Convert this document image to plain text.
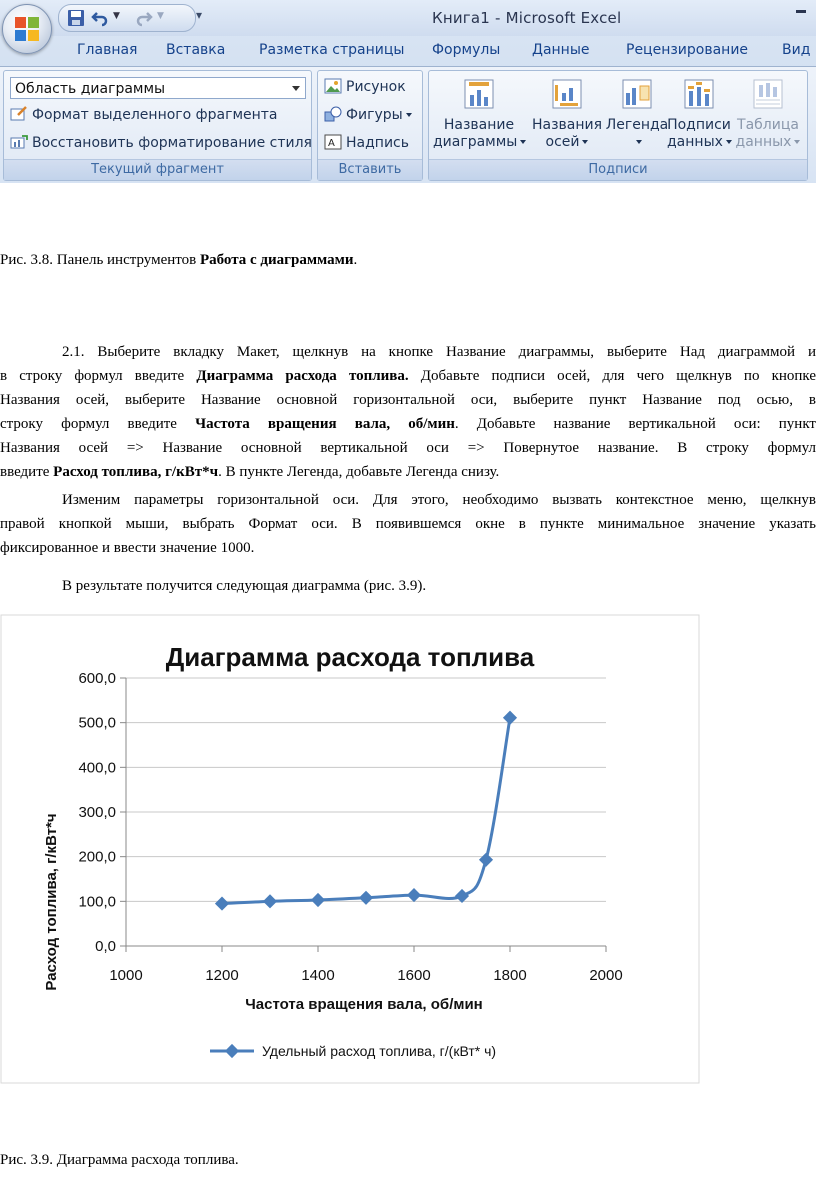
▼	▼	▾	Книга1 - Microsoft Excel
Главная Вставка Разметка страницы Формулы Данные	Рецензирование Вид
Область диаграммы
Формат выделенного фрагмента
Восстановить форматирование стиля
Текущий фрагмент
Рисунок
Фигуры
A Надпись
Вставить
Название
диаграммы
Названия
осей
Легенда
Подписи
данных
Таблица
данных
Подписи
Рис. 3.8. Панель инструментов Работа с диаграммами.
2.1. Выберите вкладку Макет, щелкнув на кнопке Название диаграммы, выберите Над диаграммой и
в строку формул введите Диаграмма расхода топлива. Добавьте подписи осей, для чего щелкнув по кнопке
Названия осей, выберите Название основной горизонтальной оси, выберите пункт Название под осью, в
строку формул введите Частота вращения вала, об/мин. Добавьте название вертикальной оси: пункт
Названия осей => Название основной вертикальной оси => Повернутое название. В строку формул
введите Расход топлива, г/кВт*ч. В пункте Легенда, добавьте Легенда снизу.
Изменим параметры горизонтальной оси. Для этого, необходимо вызвать контекстное меню, щелкнув
правой кнопкой мыши, выбрать Формат оси. В появившемся окне в пункте минимальное значение указать
фиксированное и ввести значение 1000.
В результате получится следующая диаграмма (рис. 3.9).
Диаграмма расхода топлива
0,0
100,0
200,0
300,0
400,0
500,0
600,0
1000	1200	1400	1600	1800	2000
Расход топлива, г/кВт*ч
Частота вращения вала, об/мин
Удельный расход топлива, г/(кВт* ч)
Рис. 3.9. Диаграмма расхода топлива.
